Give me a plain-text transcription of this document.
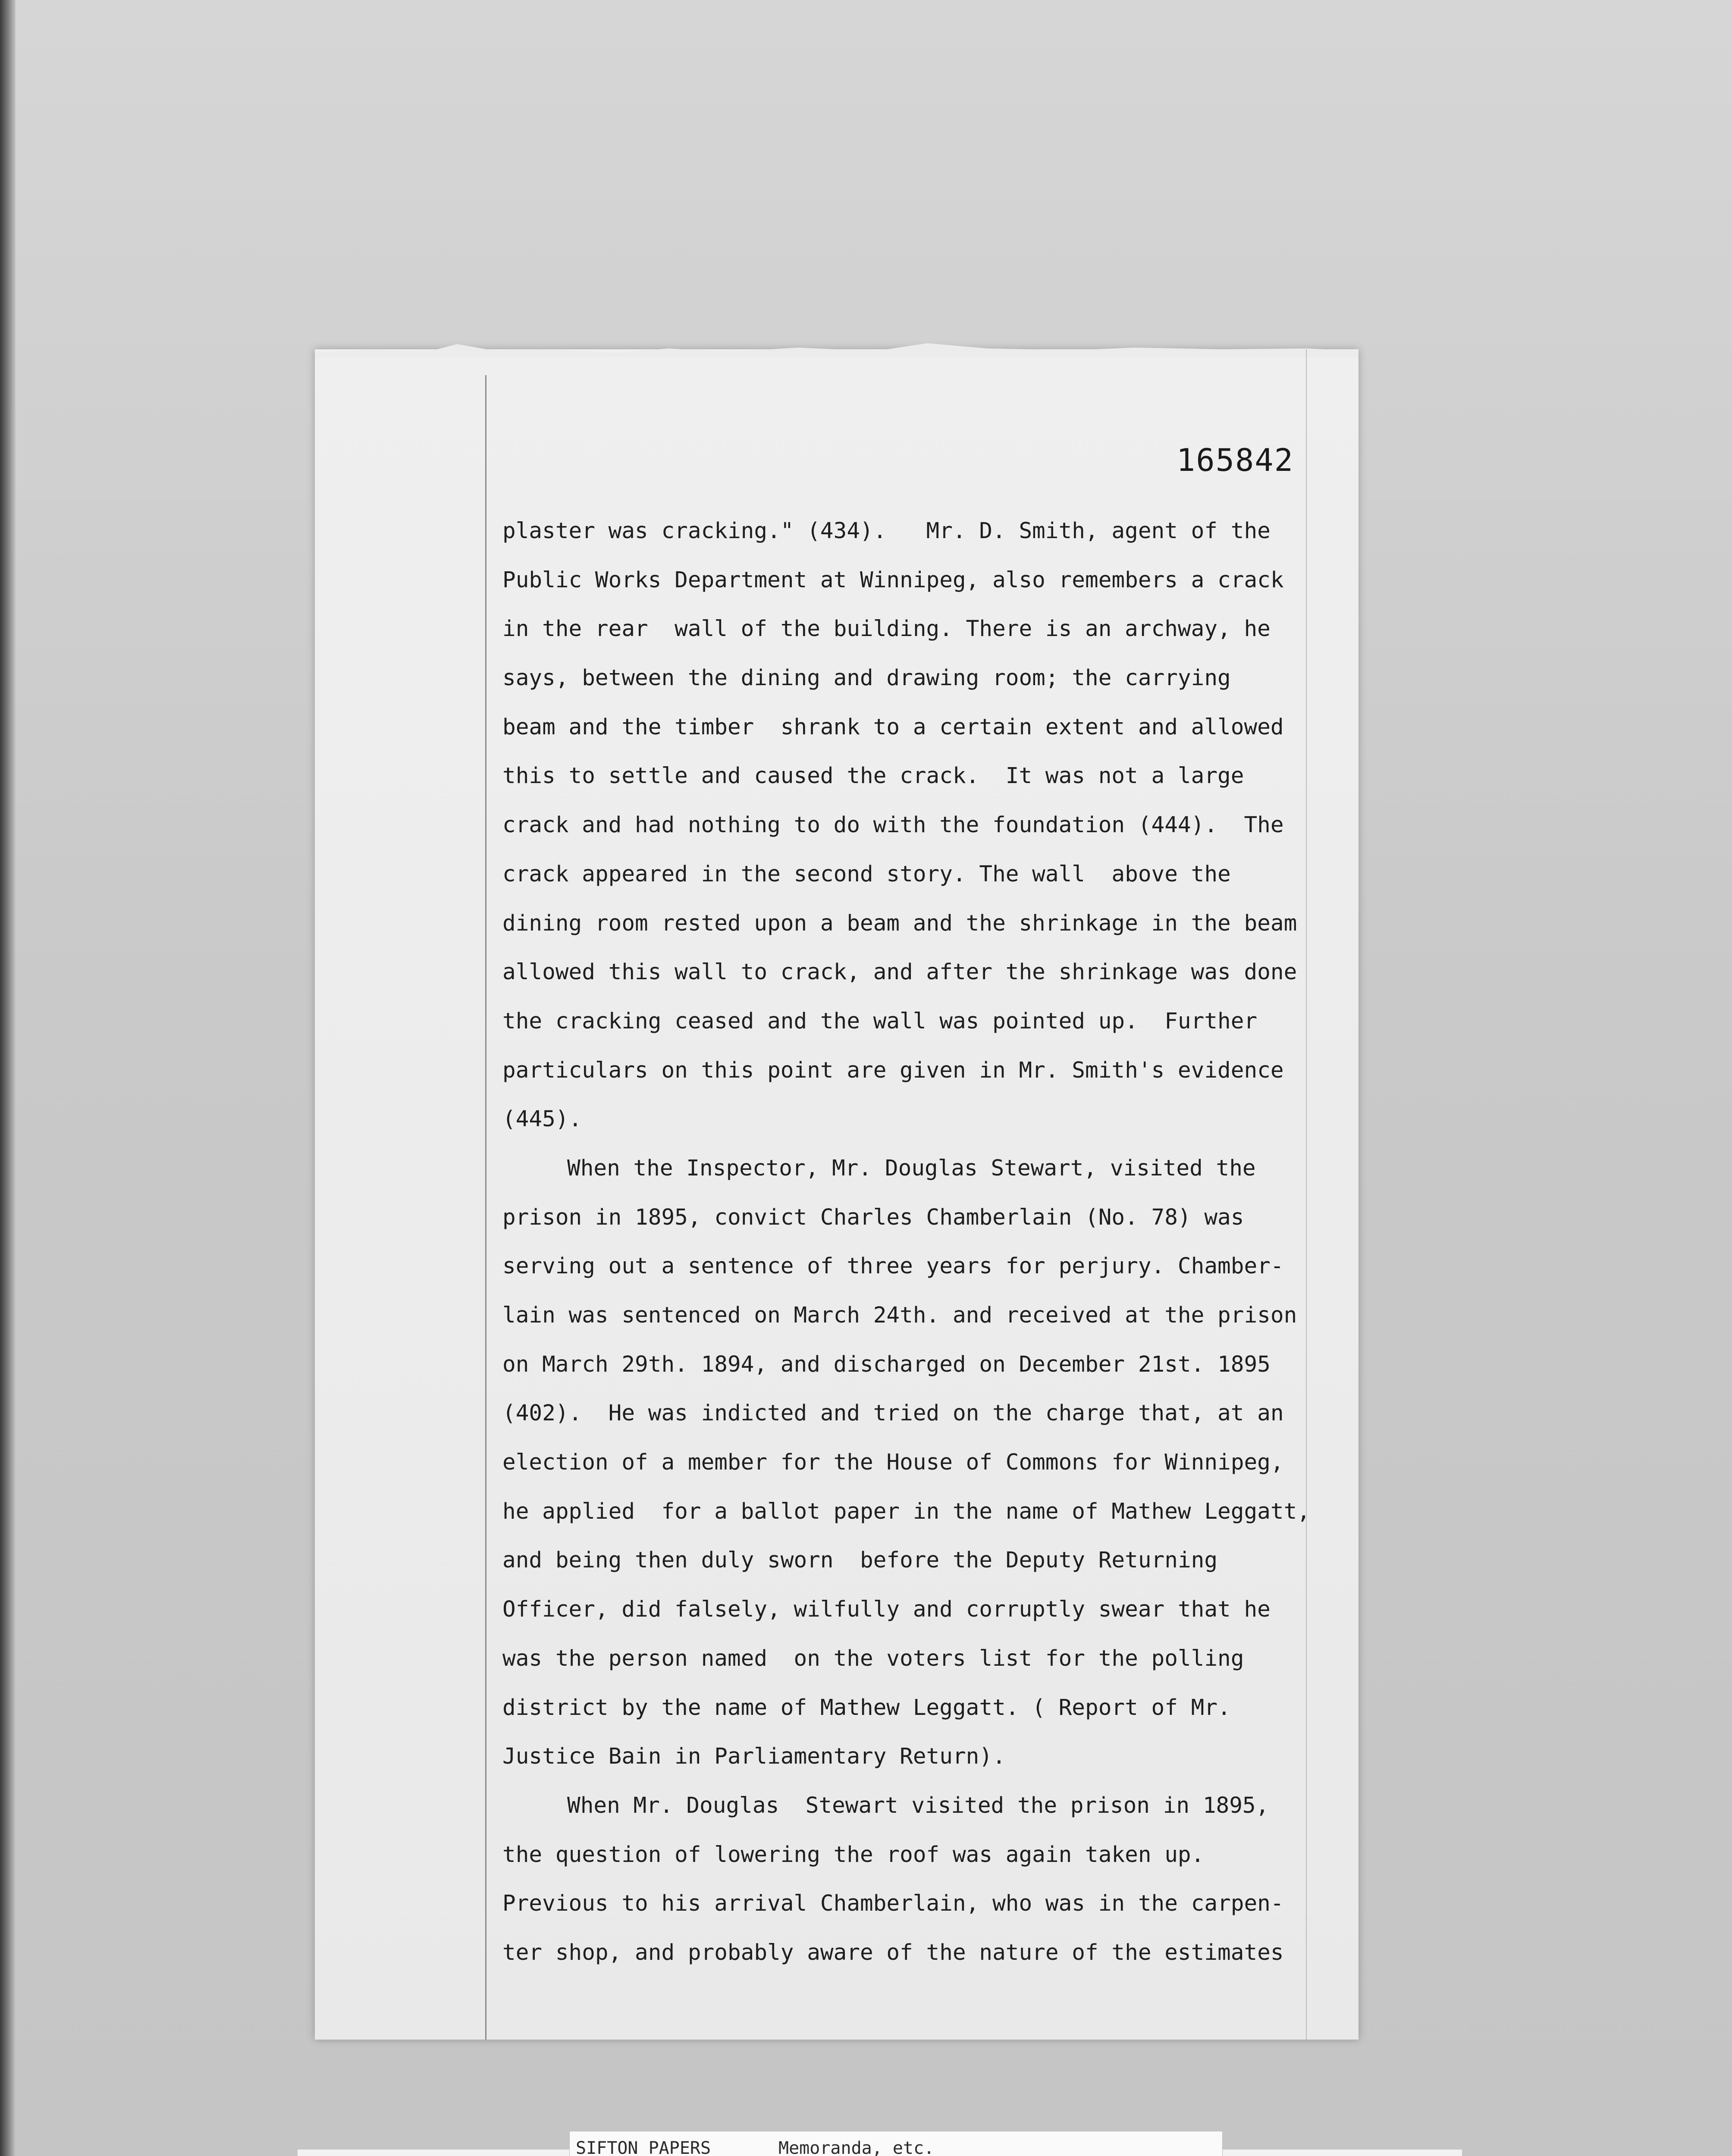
165842
plaster was cracking." (434).   Mr. D. Smith, agent of the
Public Works Department at Winnipeg, also remembers a crack
in the rear  wall of the building. There is an archway, he
says, between the dining and drawing room; the carrying
beam and the timber  shrank to a certain extent and allowed
this to settle and caused the crack.  It was not a large
crack and had nothing to do with the foundation (444).  The
crack appeared in the second story. The wall  above the
dining room rested upon a beam and the shrinkage in the beam
allowed this wall to crack, and after the shrinkage was done
the cracking ceased and the wall was pointed up.  Further
particulars on this point are given in Mr. Smith's evidence
(445).
When the Inspector, Mr. Douglas Stewart, visited the
prison in 1895, convict Charles Chamberlain (No. 78) was
serving out a sentence of three years for perjury. Chamber-
lain was sentenced on March 24th. and received at the prison
on March 29th. 1894, and discharged on December 21st. 1895
(402).  He was indicted and tried on the charge that, at an
election of a member for the House of Commons for Winnipeg,
he applied  for a ballot paper in the name of Mathew Leggatt,
and being then duly sworn  before the Deputy Returning
Officer, did falsely, wilfully and corruptly swear that he
was the person named  on the voters list for the polling
district by the name of Mathew Leggatt. ( Report of Mr.
Justice Bain in Parliamentary Return).
When Mr. Douglas  Stewart visited the prison in 1895,
the question of lowering the roof was again taken up.
Previous to his arrival Chamberlain, who was in the carpen-
ter shop, and probably aware of the nature of the estimates
SIFTON PAPERS	Memoranda, etc.
